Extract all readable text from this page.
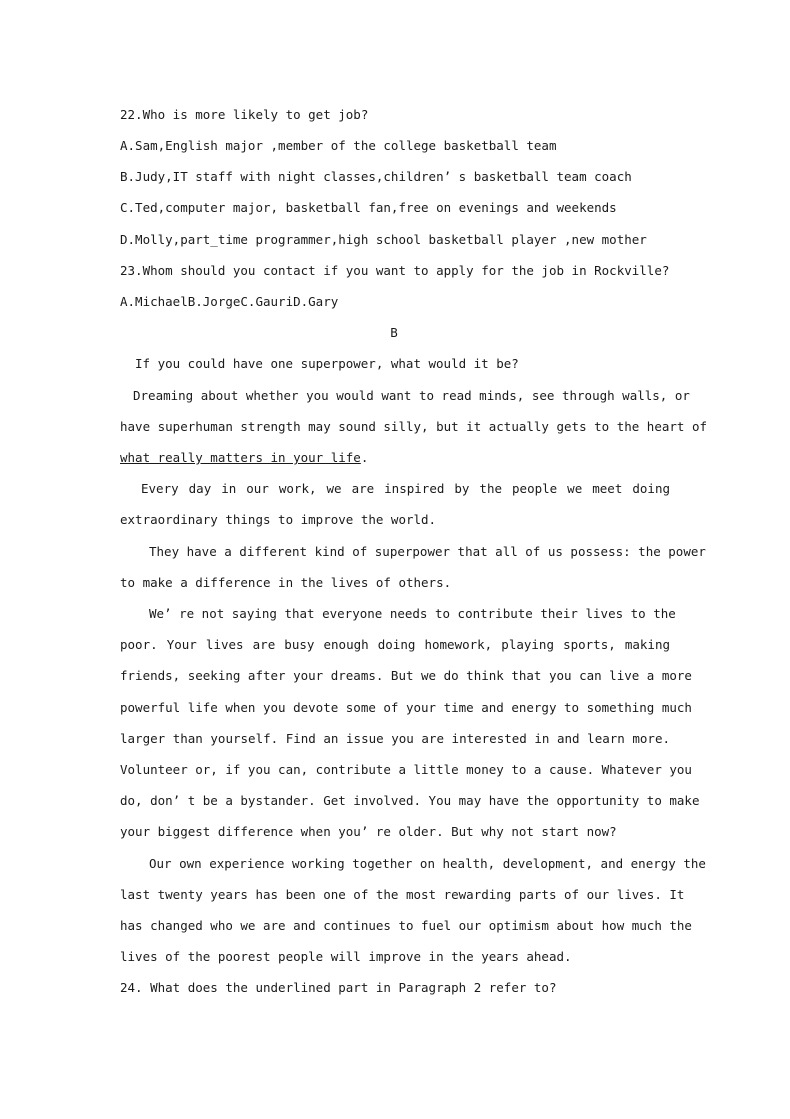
22.Who is more likely to get job?
A.Sam,English major ,member of the college basketball team
B.Judy,IT staff with night classes,children’ s basketball team coach
C.Ted,computer major, basketball fan,free on evenings and weekends
D.Molly,part_time programmer,high school basketball player ,new mother
23.Whom should you contact if you want to apply for the job in Rockville?
A.MichaelB.JorgeC.GauriD.Gary
B
If you could have one superpower, what would it be?
Dreaming about whether you would want to read minds, see through walls, or
have superhuman strength may sound silly, but it actually gets to the heart of
what really matters in your life.
Every day in our work, we are inspired by the people we meet doing
extraordinary things to improve the world.
They have a different kind of superpower that all of us possess: the power
to make a difference in the lives of others.
We’ re not saying that everyone needs to contribute their lives to the
poor. Your lives are busy enough doing homework, playing sports, making
friends, seeking after your dreams. But we do think that you can live a more
powerful life when you devote some of your time and energy to something much
larger than yourself. Find an issue you are interested in and learn more.
Volunteer or, if you can, contribute a little money to a cause. Whatever you
do, don’ t be a bystander. Get involved. You may have the opportunity to make
your biggest difference when you’ re older. But why not start now?
Our own experience working together on health, development, and energy the
last twenty years has been one of the most rewarding parts of our lives. It
has changed who we are and continues to fuel our optimism about how much the
lives of the poorest people will improve in the years ahead.
24. What does the underlined part in Paragraph 2 refer to?
